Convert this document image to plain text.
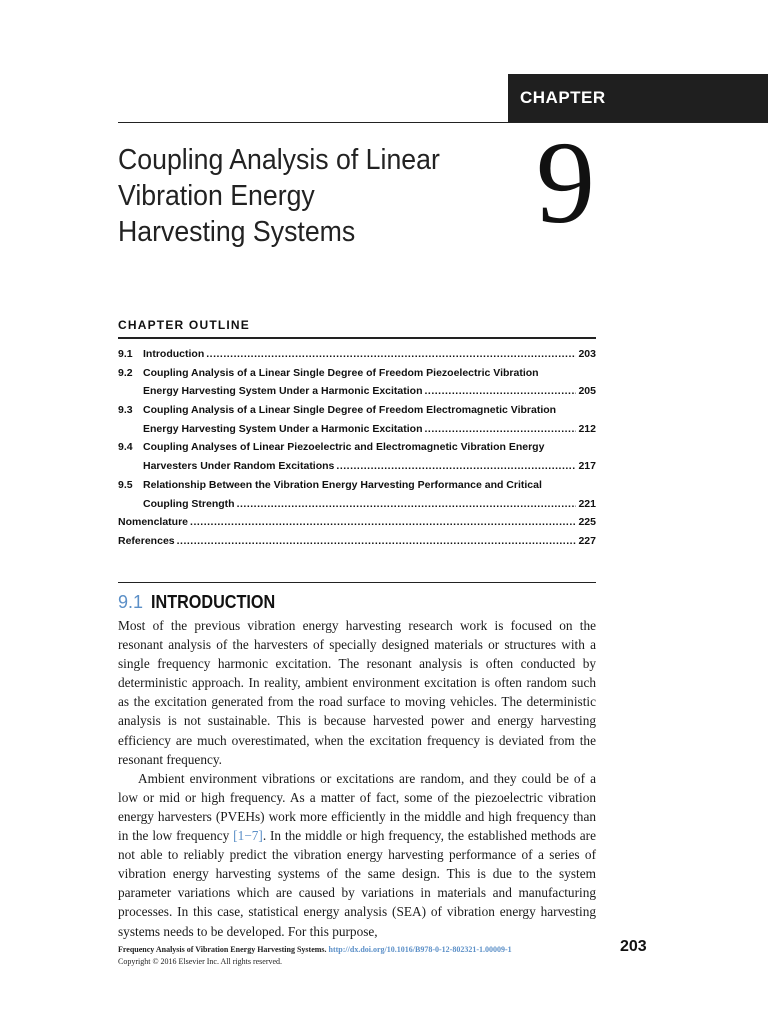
CHAPTER
Coupling Analysis of Linear
Vibration Energy
Harvesting Systems	9
CHAPTER OUTLINE
9.1 Introduction .....	203
9.2 Coupling Analysis of a Linear Single Degree of Freedom Piezoelectric Vibration
Energy Harvesting System Under a Harmonic Excitation .....	205
9.3 Coupling Analysis of a Linear Single Degree of Freedom Electromagnetic Vibration
Energy Harvesting System Under a Harmonic Excitation .....	212
9.4 Coupling Analyses of Linear Piezoelectric and Electromagnetic Vibration Energy
Harvesters Under Random Excitations .....	217
9.5 Relationship Between the Vibration Energy Harvesting Performance and Critical
Coupling Strength .....	221
Nomenclature .....	225
References .....	227
9.1 INTRODUCTION

Most of the previous vibration energy harvesting research work is focused on the resonant analysis of the harvesters of specially designed materials or structures with a single frequency harmonic excitation. The resonant analysis is often conducted by deterministic approach. In reality, ambient environment excitation is often random such as the excitation generated from the road surface to moving vehicles. The deterministic analysis is not sustainable. This is because harvested power and energy harvesting efficiency are much overestimated, when the excitation frequency is deviated from the resonant frequency.

Ambient environment vibrations or excitations are random, and they could be of a low or mid or high frequency. As a matter of fact, some of the piezoelectric vibration energy harvesters (PVEHs) work more efficiently in the middle and high frequency than in the low frequency [1−7]. In the middle or high frequency, the established methods are not able to reliably predict the vibration energy harvesting performance of a series of vibration energy harvesting systems of the same design. This is due to the system parameter variations which are caused by variations in materials and manufacturing processes. In this case, statistical energy analysis (SEA) of vibration energy harvesting systems needs to be developed. For this purpose,

Frequency Analysis of Vibration Energy Harvesting Systems. http://dx.doi.org/10.1016/B978-0-12-802321-1.00009-1
Copyright © 2016 Elsevier Inc. All rights reserved.
203
